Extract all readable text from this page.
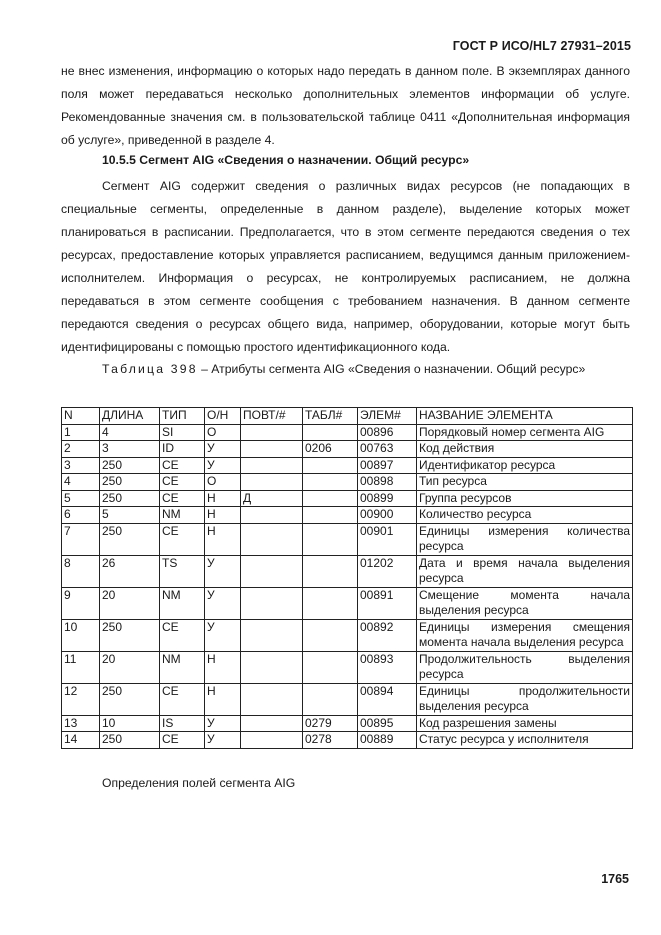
ГОСТ Р ИСО/HL7 27931–2015

не внес изменения, информацию о которых надо передать в данном поле. В экземплярах данного поля может передаваться несколько дополнительных элементов информации об услуге. Рекомендованные значения см. в пользовательской таблице 0411 «Дополнительная информация об услуге», приведенной в разделе 4.

10.5.5 Сегмент AIG «Сведения о назначении. Общий ресурс»

Сегмент AIG содержит сведения о различных видах ресурсов (не попадающих в специальные сегменты, определенные в данном разделе), выделение которых может планироваться в расписании. Предполагается, что в этом сегменте передаются сведения о тех ресурсах, предоставление которых управляется расписанием, ведущимся данным приложением-исполнителем. Информация о ресурсах, не контролируемых расписанием, не должна передаваться в этом сегменте сообщения с требованием назначения. В данном сегменте передаются сведения о ресурсах общего вида, например, оборудовании, которые могут быть идентифицированы с помощью простого идентификационного кода.

Таблица 398 – Атрибуты сегмента AIG «Сведения о назначении. Общий ресурс»

N	ДЛИНА	ТИП	О/Н	ПОВТ/#	ТАБЛ#	ЭЛЕМ#	НАЗВАНИЕ ЭЛЕМЕНТА
1	4	SI	О			00896	Порядковый номер сегмента AIG
2	3	ID	У		0206	00763	Код действия
3	250	CE	У			00897	Идентификатор ресурса
4	250	CE	О			00898	Тип ресурса
5	250	CE	Н	Д		00899	Группа ресурсов
6	5	NM	Н			00900	Количество ресурса
7	250	CE	Н			00901	Единицы измерения количества ресурса
8	26	TS	У			01202	Дата и время начала выделения ресурса
9	20	NM	У			00891	Смещение момента начала выделения ресурса
10	250	CE	У			00892	Единицы измерения смещения момента начала выделения ресурса
11	20	NM	Н			00893	Продолжительность выделения ресурса
12	250	CE	Н			00894	Единицы продолжительности выделения ресурса
13	10	IS	У		0279	00895	Код разрешения замены
14	250	CE	У		0278	00889	Статус ресурса у исполнителя

Определения полей сегмента AIG

1765
